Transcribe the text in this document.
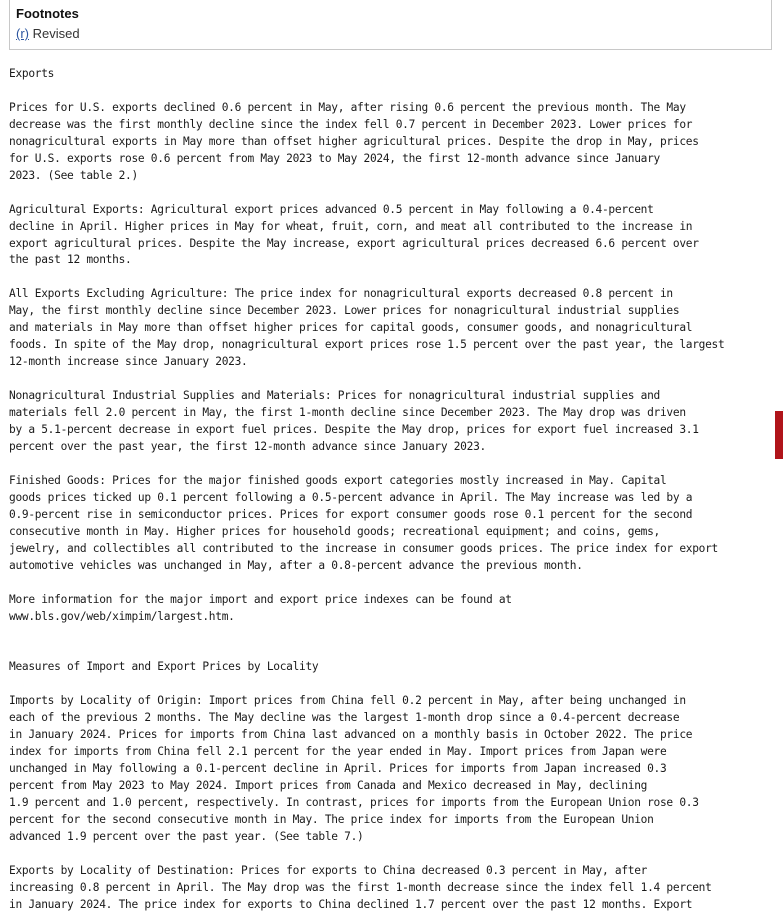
Footnotes
(r) Revised
Exports

Prices for U.S. exports declined 0.6 percent in May, after rising 0.6 percent the previous month. The May
decrease was the first monthly decline since the index fell 0.7 percent in December 2023. Lower prices for
nonagricultural exports in May more than offset higher agricultural prices. Despite the drop in May, prices
for U.S. exports rose 0.6 percent from May 2023 to May 2024, the first 12-month advance since January
2023. (See table 2.)

Agricultural Exports: Agricultural export prices advanced 0.5 percent in May following a 0.4-percent
decline in April. Higher prices in May for wheat, fruit, corn, and meat all contributed to the increase in
export agricultural prices. Despite the May increase, export agricultural prices decreased 6.6 percent over
the past 12 months.

All Exports Excluding Agriculture: The price index for nonagricultural exports decreased 0.8 percent in
May, the first monthly decline since December 2023. Lower prices for nonagricultural industrial supplies
and materials in May more than offset higher prices for capital goods, consumer goods, and nonagricultural
foods. In spite of the May drop, nonagricultural export prices rose 1.5 percent over the past year, the largest
12-month increase since January 2023.

Nonagricultural Industrial Supplies and Materials: Prices for nonagricultural industrial supplies and
materials fell 2.0 percent in May, the first 1-month decline since December 2023. The May drop was driven
by a 5.1-percent decrease in export fuel prices. Despite the May drop, prices for export fuel increased 3.1
percent over the past year, the first 12-month advance since January 2023.

Finished Goods: Prices for the major finished goods export categories mostly increased in May. Capital
goods prices ticked up 0.1 percent following a 0.5-percent advance in April. The May increase was led by a
0.9-percent rise in semiconductor prices. Prices for export consumer goods rose 0.1 percent for the second
consecutive month in May. Higher prices for household goods; recreational equipment; and coins, gems,
jewelry, and collectibles all contributed to the increase in consumer goods prices. The price index for export
automotive vehicles was unchanged in May, after a 0.8-percent advance the previous month.

More information for the major import and export price indexes can be found at
www.bls.gov/web/ximpim/largest.htm.

Measures of Import and Export Prices by Locality

Imports by Locality of Origin: Import prices from China fell 0.2 percent in May, after being unchanged in
each of the previous 2 months. The May decline was the largest 1-month drop since a 0.4-percent decrease
in January 2024. Prices for imports from China last advanced on a monthly basis in October 2022. The price
index for imports from China fell 2.1 percent for the year ended in May. Import prices from Japan were
unchanged in May following a 0.1-percent decline in April. Prices for imports from Japan increased 0.3
percent from May 2023 to May 2024. Import prices from Canada and Mexico decreased in May, declining
1.9 percent and 1.0 percent, respectively. In contrast, prices for imports from the European Union rose 0.3
percent for the second consecutive month in May. The price index for imports from the European Union
advanced 1.9 percent over the past year. (See table 7.)

Exports by Locality of Destination: Prices for exports to China decreased 0.3 percent in May, after
increasing 0.8 percent in April. The May drop was the first 1-month decrease since the index fell 1.4 percent
in January 2024. The price index for exports to China declined 1.7 percent over the past 12 months. Export
